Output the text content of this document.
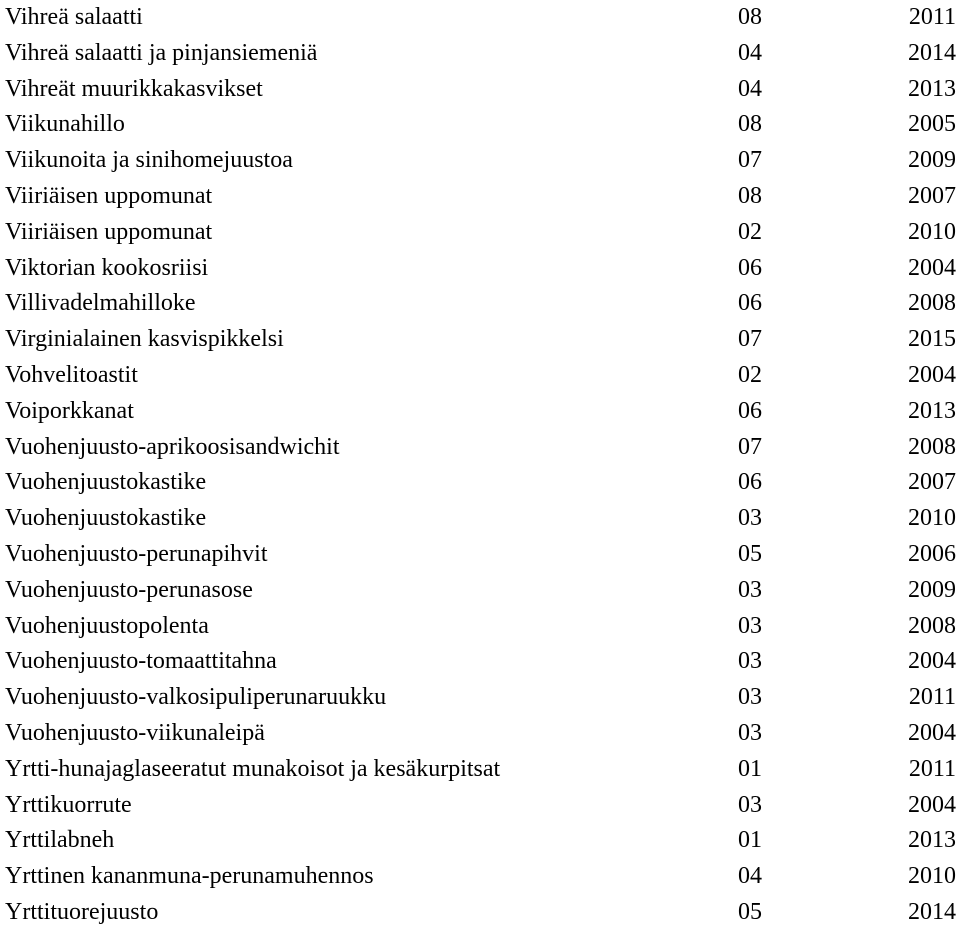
Vihreä salaatti	08	2011
Vihreä salaatti ja pinjansiemeniä	04	2014
Vihreät muurikkakasvikset	04	2013
Viikunahillo	08	2005
Viikunoita ja sinihomejuustoa	07	2009
Viiriäisen uppomunat	08	2007
Viiriäisen uppomunat	02	2010
Viktorian kookosriisi	06	2004
Villivadelmahilloke	06	2008
Virginialainen kasvispikkelsi	07	2015
Vohvelitoastit	02	2004
Voiporkkanat	06	2013
Vuohenjuusto-aprikoosisandwichit	07	2008
Vuohenjuustokastike	06	2007
Vuohenjuustokastike	03	2010
Vuohenjuusto-perunapihvit	05	2006
Vuohenjuusto-perunasose	03	2009
Vuohenjuustopolenta	03	2008
Vuohenjuusto-tomaattitahna	03	2004
Vuohenjuusto-valkosipuliperunaruukku	03	2011
Vuohenjuusto-viikunaleipä	03	2004
Yrtti-hunajaglaseeratut munakoisot ja kesäkurpitsat	01	2011
Yrttikuorrute	03	2004
Yrttilabneh	01	2013
Yrttinen kananmuna-perunamuhennos	04	2010
Yrttituorejuusto	05	2014
